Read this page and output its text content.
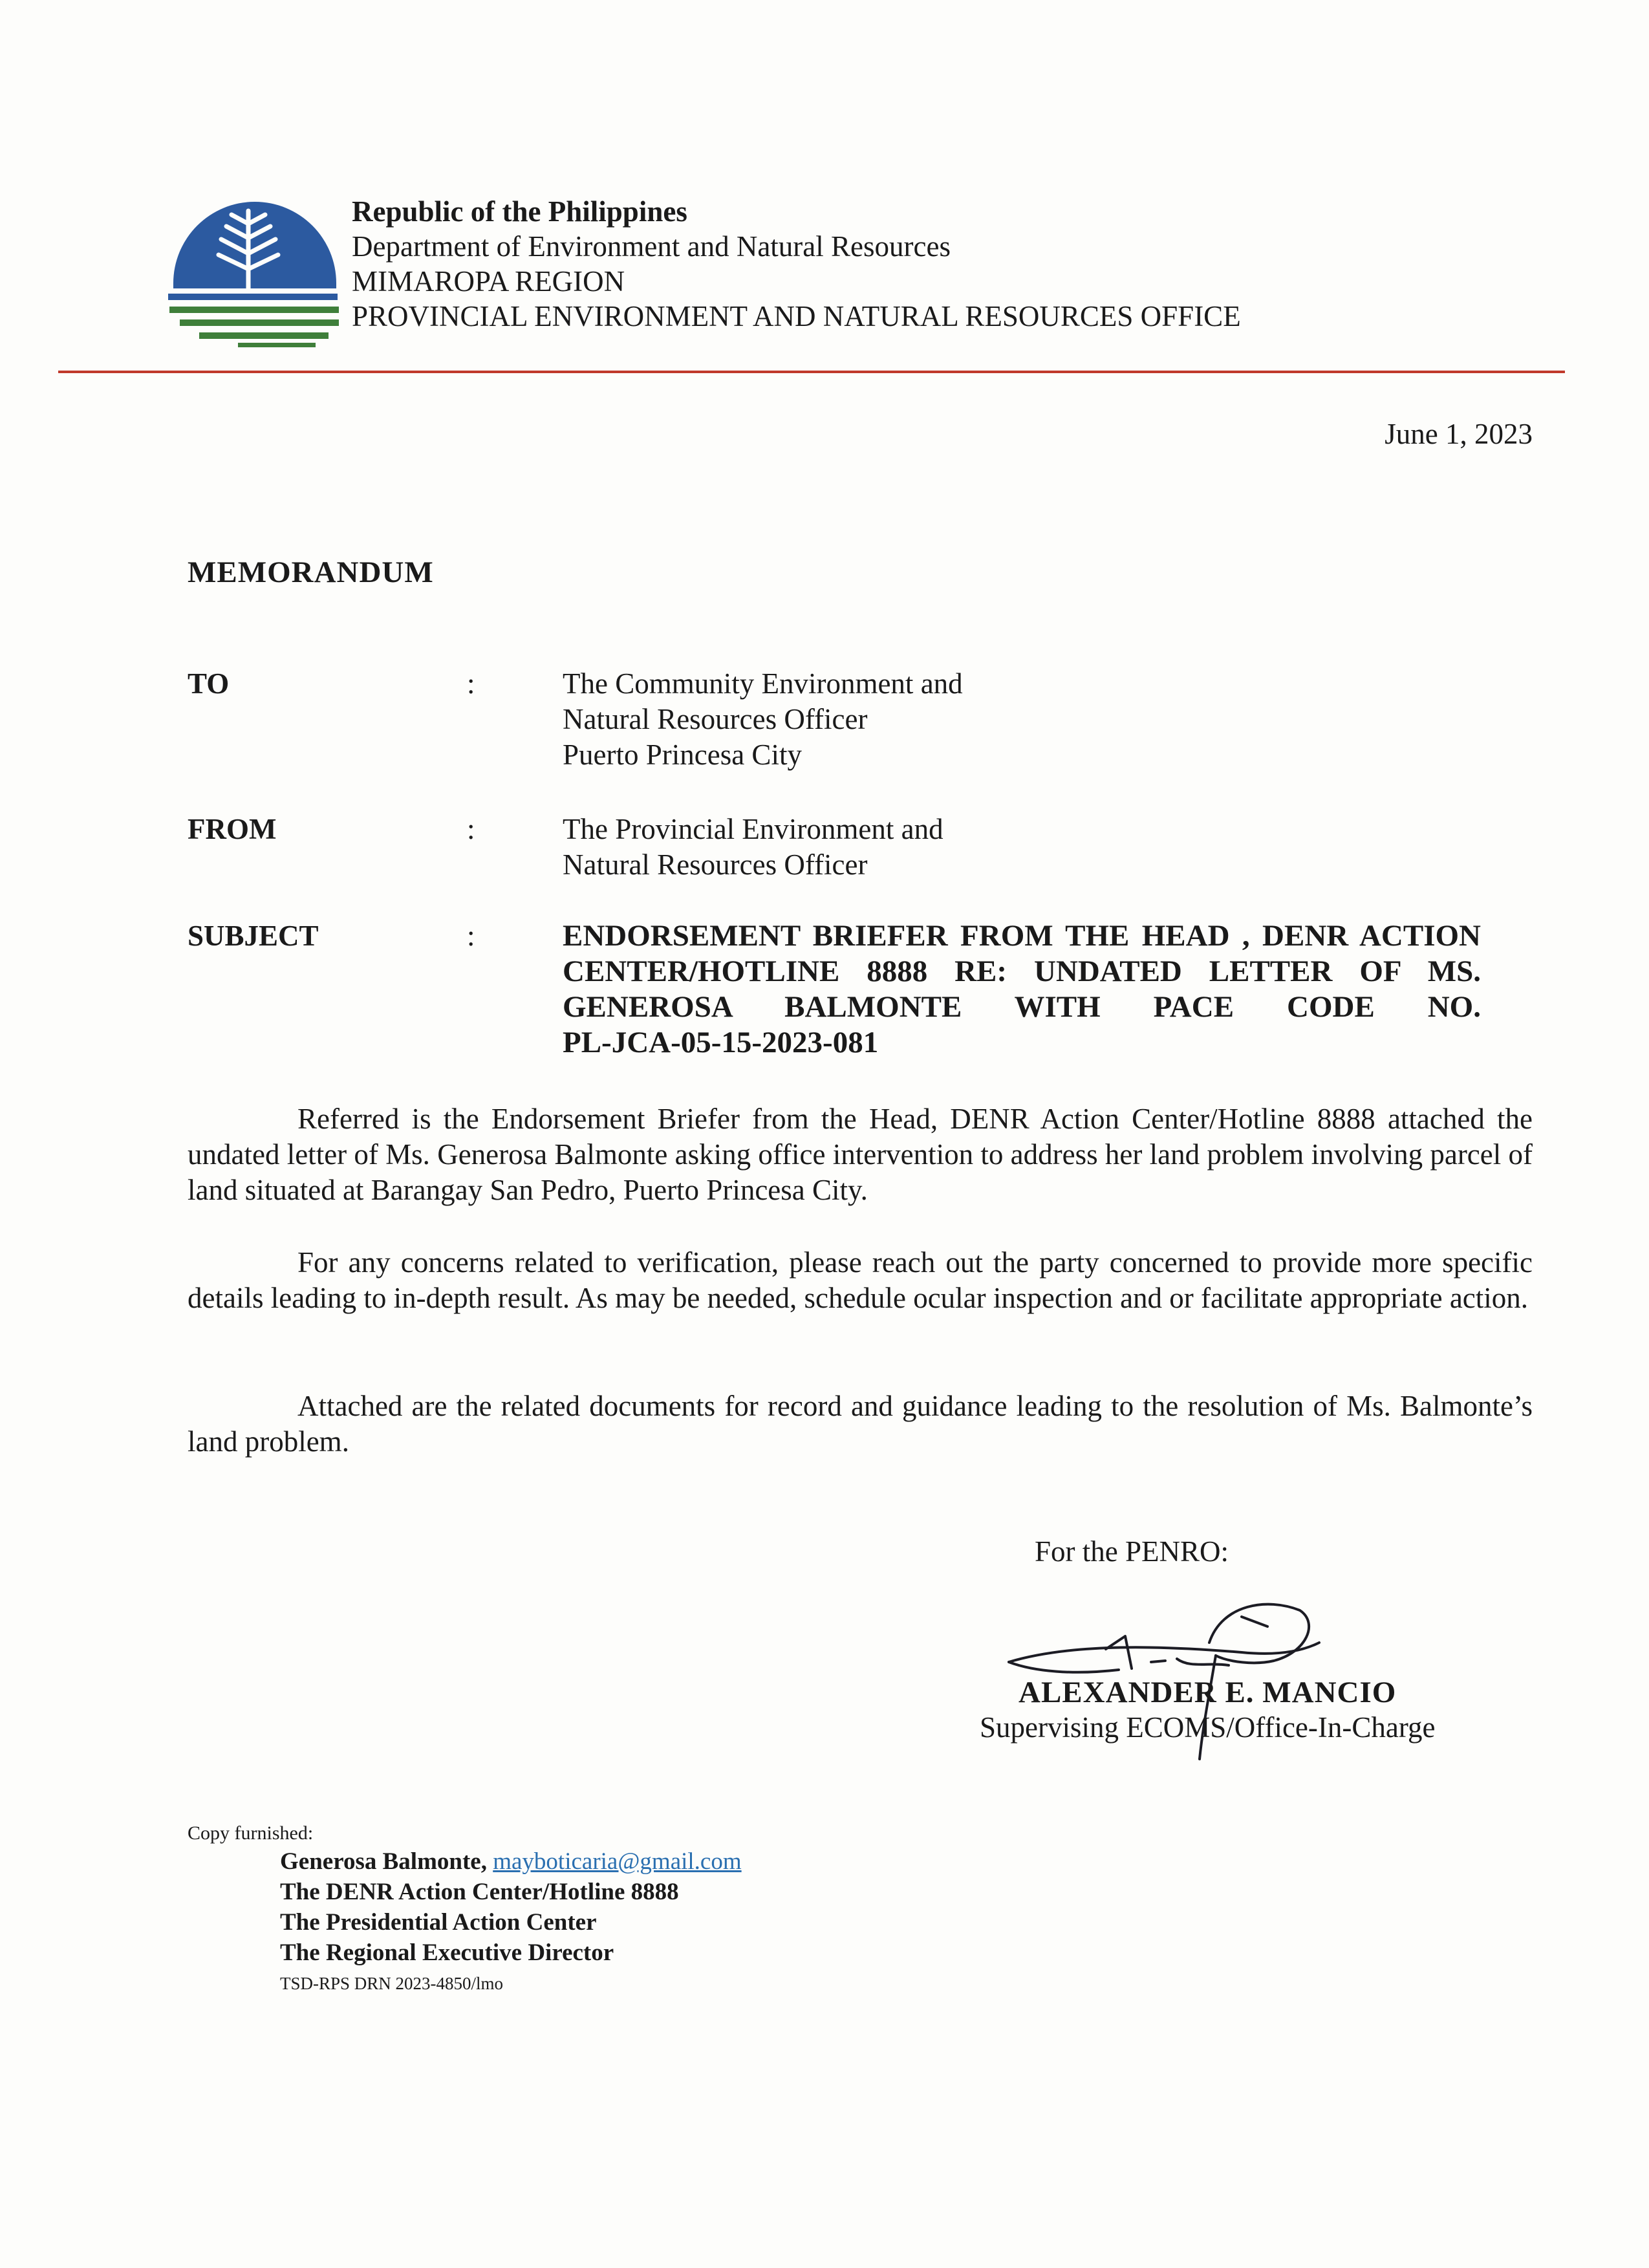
Republic of the Philippines
Department of Environment and Natural Resources
MIMAROPA REGION
PROVINCIAL ENVIRONMENT AND NATURAL RESOURCES OFFICE
June 1, 2023
MEMORANDUM
TO	:	The Community Environment and
Natural Resources Officer
Puerto Princesa City
FROM	:	The Provincial Environment and
Natural Resources Officer
SUBJECT	:	ENDORSEMENT BRIEFER FROM THE HEAD , DENR ACTION
CENTER/HOTLINE 8888 RE: UNDATED LETTER OF MS.
GENEROSA BALMONTE WITH PACE CODE NO.
PL-JCA-05-15-2023-081
Referred is the Endorsement Briefer from the Head, DENR Action Center/Hotline 8888 attached the undated letter of Ms. Generosa Balmonte asking office intervention to address her land problem involving parcel of land situated at Barangay San Pedro, Puerto Princesa City.
For any concerns related to verification, please reach out the party concerned to provide more specific details leading to in-depth result. As may be needed, schedule ocular inspection and or facilitate appropriate action.
Attached are the related documents for record and guidance leading to the resolution of Ms. Balmonte’s land problem.
For the PENRO:
ALEXANDER E. MANCIO
Supervising ECOMS/Office-In-Charge
Copy furnished:
Generosa Balmonte, mayboticaria@gmail.com
The DENR Action Center/Hotline 8888
The Presidential Action Center
The Regional Executive Director
TSD-RPS DRN 2023-4850/lmo
